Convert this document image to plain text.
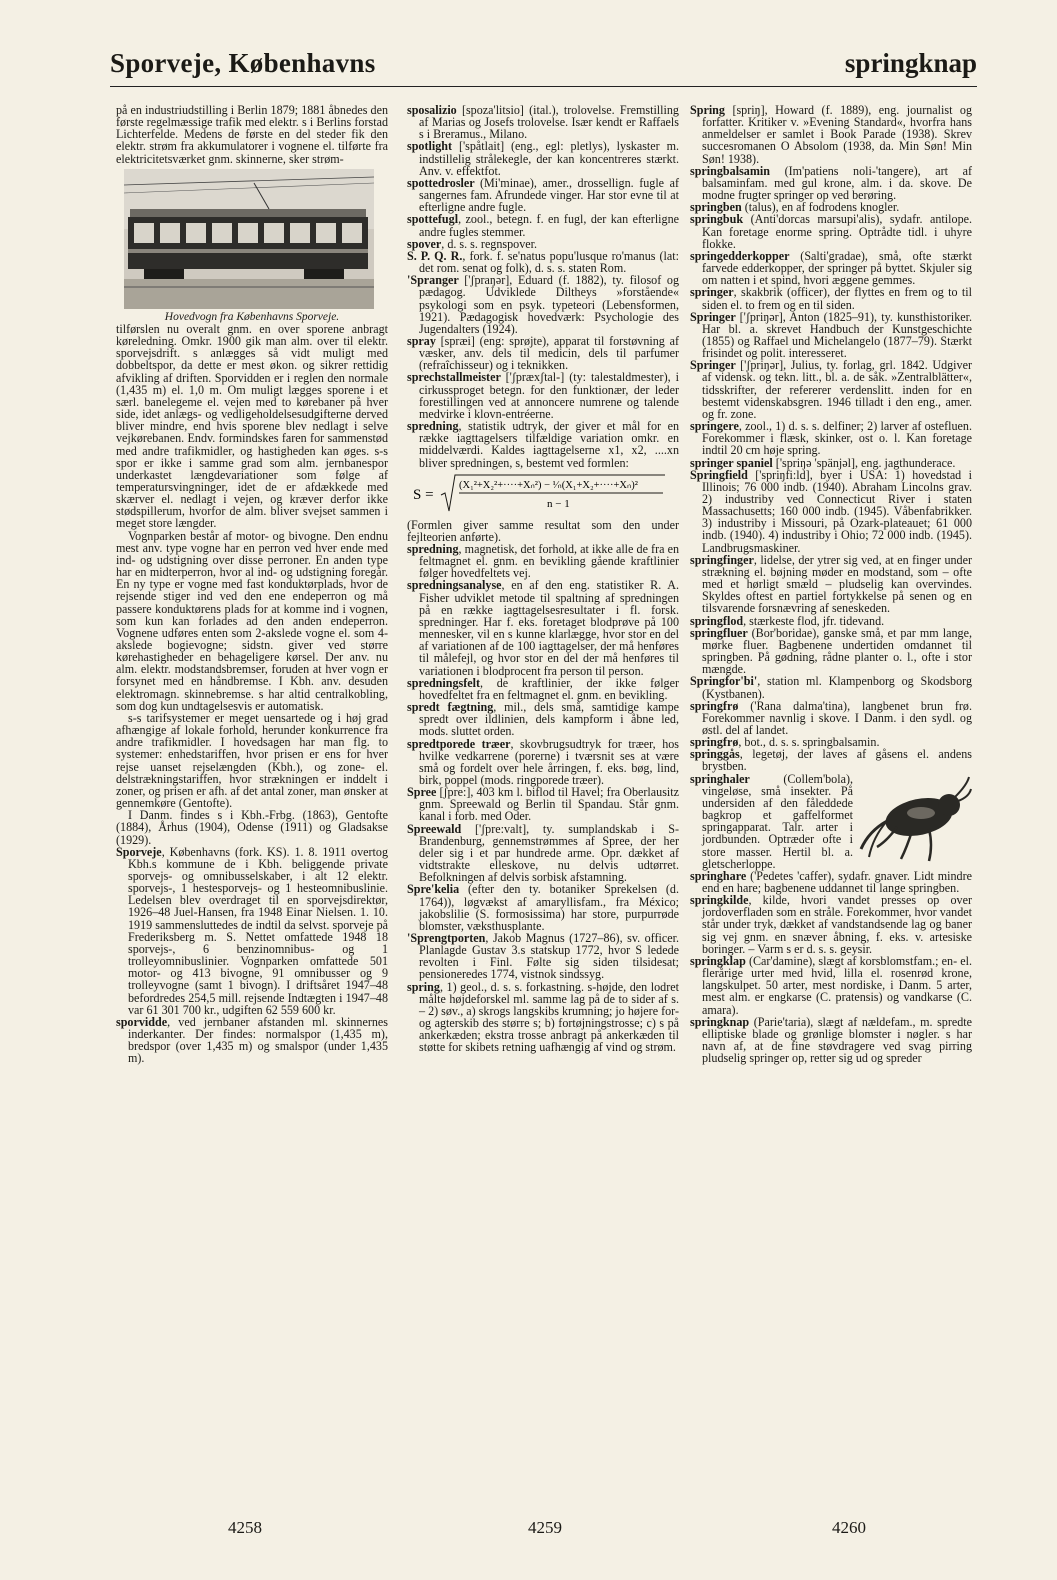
Sporveje, Københavns	springknap

på en industriudstilling i Berlin 1879; 1881 åbnedes den første regelmæssige trafik med elektr. s i Berlins forstad Lichterfelde. Medens de første en del steder fik den elektr. strøm fra akkumulatorer i vognene el. tilførte fra elektricitetsværket gnm. skinnerne, sker strøm-

Hovedvogn fra Københavns Sporveje.

tilførslen nu overalt gnm. en over sporene anbragt køreledning. Omkr. 1900 gik man alm. over til elektr. sporvejsdrift. s anlægges så vidt muligt med dobbeltspor, da dette er mest økon. og sikrer rettidig afvikling af driften. Sporvidden er i reglen den normale (1,435 m) el. 1,0 m. Om muligt lægges sporene i et særl. banelegeme el. vejen med to kørebaner på hver side, idet anlægs- og vedligeholdelsesudgifterne derved bliver mindre, end hvis sporene blev nedlagt i selve vejkørebanen. Endv. formindskes faren for sammenstød med andre trafikmidler, og hastigheden kan øges. s-s spor er ikke i samme grad som alm. jernbanespor underkastet længdevariationer som følge af temperatursvingninger, idet de er afdækkede med skærver el. nedlagt i vejen, og kræver derfor ikke stødspillerum, hvorfor de alm. bliver svejset sammen i meget store længder.

Vognparken består af motor- og bivogne. Den endnu mest anv. type vogne har en perron ved hver ende med ind- og udstigning over disse perroner. En anden type har en midterperron, hvor al ind- og udstigning foregår. En ny type er vogne med fast konduktørplads, hvor de rejsende stiger ind ved den ene endeperron og må passere konduktørens plads for at komme ind i vognen, som kun kan forlades ad den anden endeperron. Vognene udføres enten som 2-akslede vogne el. som 4-akslede bogievogne; sidstn. giver ved større kørehastigheder en behageligere kørsel. Der anv. nu alm. elektr. modstandsbremser, foruden at hver vogn er forsynet med en håndbremse. I Kbh. anv. desuden elektromagn. skinnebremse. s har altid centralkobling, som dog kun undtagelsesvis er automatisk.

s-s tarifsystemer er meget uensartede og i høj grad afhængige af lokale forhold, herunder konkurrence fra andre trafikmidler. I hovedsagen har man flg. to systemer: enhedstariffen, hvor prisen er ens for hver rejse uanset rejselængden (Kbh.), og zone- el. delstrækningstariffen, hvor strækningen er inddelt i zoner, og prisen er afh. af det antal zoner, man ønsker at gennemkøre (Gentofte).

I Danm. findes s i Kbh.-Frbg. (1863), Gentofte (1884), Århus (1904), Odense (1911) og Gladsakse (1929).

Sporveje, Københavns (fork. KS). 1. 8. 1911 overtog Kbh.s kommune de i Kbh. beliggende private sporvejs- og omnibusselskaber, i alt 12 elektr. sporvejs-, 1 hestesporvejs- og 1 hesteomnibuslinie. Ledelsen blev overdraget til en sporvejsdirektør, 1926–48 Juel-Hansen, fra 1948 Einar Nielsen. 1. 10. 1919 sammensluttedes de indtil da selvst. sporveje på Frederiksberg m. S. Nettet omfattede 1948 18 sporvejs-, 6 benzinomnibus- og 1 trolleyomnibuslinier. Vognparken omfattede 501 motor- og 413 bivogne, 91 omnibusser og 9 trolleyvogne (samt 1 bivogn). I driftsåret 1947–48 befordredes 254,5 mill. rejsende Indtægten i 1947–48 var 61 301 700 kr., udgiften 62 559 600 kr.

sporvidde, ved jernbaner afstanden ml. skinnernes inderkanter. Der findes: normalspor (1,435 m), bredspor (over 1,435 m) og smalspor (under 1,435 m).

sposalizio [spoza'litsio] (ital.), trolovelse. Fremstilling af Marias og Josefs trolovelse. Især kendt er Raffaels s i Breramus., Milano.

spotlight ['spåtlait] (eng., egl: pletlys), lyskaster m. indstillelig strålekegle, der kan koncentreres stærkt. Anv. v. effektfot.

spottedrosler (Mi'minae), amer., drossellign. fugle af sangernes fam. Afrundede vinger. Har stor evne til at efterligne andre fugle.

spottefugl, zool., betegn. f. en fugl, der kan efterligne andre fugles stemmer.

spover, d. s. s. regnspover.

S. P. Q. R., fork. f. se'natus popu'lusque ro'manus (lat: det rom. senat og folk), d. s. s. staten Rom.

'Spranger ['ʃpraŋər], Eduard (f. 1882), ty. filosof og pædagog. Udviklede Diltheys »forstående« psykologi som en psyk. typeteori (Lebensformen, 1921). Pædagogisk hovedværk: Psychologie des Jugendalters (1924).

spray [spræi] (eng: sprøjte), apparat til forstøvning af væsker, anv. dels til medicin, dels til parfumer (refraîchisseur) og i teknikken.

sprechstallmeister ['ʃpræxʃtal-] (ty: talestaldmester), i cirkussproget betegn. for den funktionær, der leder forestillingen ved at annoncere numrene og talende medvirke i klovn-entréerne.

spredning, statistik udtryk, der giver et mål for en række iagttagelsers tilfældige variation omkr. en middelværdi. Kaldes iagttagelserne x1, x2, ....xn bliver spredningen, s, bestemt ved formlen:

S =
(X₁²+X₂²+····+Xₙ²) − ¹⁄ₙ(X₁+X₂+····+Xₙ)²
n − 1

(Formlen giver samme resultat som den under fejlteorien anførte).

spredning, magnetisk, det forhold, at ikke alle de fra en feltmagnet el. gnm. en bevikling gående kraftlinier følger hovedfeltets vej.

spredningsanalyse, en af den eng. statistiker R. A. Fisher udviklet metode til spaltning af spredningen på en række iagttagelsesresultater i fl. forsk. spredninger. Har f. eks. foretaget blodprøve på 100 mennesker, vil en s kunne klarlægge, hvor stor en del af variationen af de 100 iagttagelser, der må henføres til målefejl, og hvor stor en del der må henføres til variationen i blodprocent fra person til person.

spredningsfelt, de kraftlinier, der ikke følger hovedfeltet fra en feltmagnet el. gnm. en bevikling.

spredt fægtning, mil., dels små, samtidige kampe spredt over ildlinien, dels kampform i åbne led, mods. sluttet orden.

spredtporede træer, skovbrugsudtryk for træer, hos hvilke vedkarrene (porerne) i tværsnit ses at være små og fordelt over hele årringen, f. eks. bøg, lind, birk, poppel (mods. ringporede træer).

Spree [ʃpre:], 403 km l. biflod til Havel; fra Oberlausitz gnm. Spreewald og Berlin til Spandau. Står gnm. kanal i forb. med Oder.

Spreewald ['ʃpre:valt], ty. sumplandskab i S-Brandenburg, gennemstrømmes af Spree, der her deler sig i et par hundrede arme. Opr. dækket af vidtstrakte elleskove, nu delvis udtørret. Befolkningen af delvis sorbisk afstamning.

Spre'kelia (efter den ty. botaniker Sprekelsen (d. 1764)), løgvækst af amaryllisfam., fra México; jakobslilie (S. formosissima) har store, purpurrøde blomster, væksthusplante.

'Sprengtporten, Jakob Magnus (1727–86), sv. officer. Planlagde Gustav 3.s statskup 1772, hvor S ledede revolten i Finl. Følte sig siden tilsidesat; pensioneredes 1774, vistnok sindssyg.

spring, 1) geol., d. s. s. forkastning. s-højde, den lodret målte højdeforskel ml. samme lag på de to sider af s. – 2) søv., a) skrogs langskibs krumning; jo højere for- og agterskib des større s; b) fortøjningstrosse; c) s på ankerkæden; ekstra trosse anbragt på ankerkæden til støtte for skibets retning uafhængig af vind og strøm.

Spring [spriŋ], Howard (f. 1889), eng. journalist og forfatter. Kritiker v. »Evening Standard«, hvorfra hans anmeldelser er samlet i Book Parade (1938). Skrev succesromanen O Absolom (1938, da. Min Søn! Min Søn! 1938).

springbalsamin (Im'patiens noli-'tangere), art af balsaminfam. med gul krone, alm. i da. skove. De modne frugter springer op ved berøring.

springben (talus), en af fodrodens knogler.

springbuk (Anti'dorcas marsupi'alis), sydafr. antilope. Kan foretage enorme spring. Optrådte tidl. i uhyre flokke.

springedderkopper (Salti'gradae), små, ofte stærkt farvede edderkopper, der springer på byttet. Skjuler sig om natten i et spind, hvori æggene gemmes.

springer, skakbrik (officer), der flyttes en frem og to til siden el. to frem og en til siden.

Springer ['ʃpriŋər], Anton (1825–91), ty. kunsthistoriker. Har bl. a. skrevet Handbuch der Kunstgeschichte (1855) og Raffael und Michelangelo (1877–79). Stærkt frisindet og polit. interesseret.

Springer ['ʃpriŋər], Julius, ty. forlag, grl. 1842. Udgiver af vidensk. og tekn. litt., bl. a. de såk. »Zentralblätter«, tidsskrifter, der refererer verdenslitt. inden for en bestemt videnskabsgren. 1946 tilladt i den eng., amer. og fr. zone.

springere, zool., 1) d. s. s. delfiner; 2) larver af ostefluen. Forekommer i flæsk, skinker, ost o. l. Kan foretage indtil 20 cm høje spring.

springer spaniel ['spriŋə 'spänjəl], eng. jagthunderace.

Springfield ['spriŋfi:ld], byer i USA: 1) hovedstad i Illinois; 76 000 indb. (1940). Abraham Lincolns grav. 2) industriby ved Connecticut River i staten Massachusetts; 160 000 indb. (1945). Våbenfabrikker. 3) industriby i Missouri, på Ozark-plateauet; 61 000 indb. (1940). 4) industriby i Ohio; 72 000 indb. (1945). Landbrugsmaskiner.

springfinger, lidelse, der ytrer sig ved, at en finger under strækning el. bøjning møder en modstand, som – ofte med et hørligt smæld – pludselig kan overvindes. Skyldes oftest en partiel fortykkelse på senen og en tilsvarende forsnævring af seneskeden.

springflod, stærkeste flod, jfr. tidevand.

springfluer (Bor'boridae), ganske små, et par mm lange, mørke fluer. Bagbenene undertiden omdannet til springben. På gødning, rådne planter o. l., ofte i stor mængde.

Springfor'bi', station ml. Klampenborg og Skodsborg (Kystbanen).

springfrø ('Rana dalma'tina), langbenet brun frø. Forekommer navnlig i skove. I Danm. i den sydl. og østl. del af landet.

springfrø, bot., d. s. s. springbalsamin.

springgås, legetøj, der laves af gåsens el. andens brystben.

springhaler (Collem'bola), vingeløse, små insekter. På undersiden af den fåleddede bagkrop et gaffelformet springapparat. Talr. arter i jordbunden. Optræder ofte i store masser. Hertil bl. a. gletscherloppe.

springhare ('Pedetes 'caffer), sydafr. gnaver. Lidt mindre end en hare; bagbenene uddannet til lange springben.

springkilde, kilde, hvori vandet presses op over jordoverfladen som en stråle. Forekommer, hvor vandet står under tryk, dækket af vandstandsende lag og baner sig vej gnm. en snæver åbning, f. eks. v. artesiske boringer. – Varm s er d. s. s. geysir.

springklap (Car'damine), slægt af korsblomstfam.; en- el. flerårige urter med hvid, lilla el. rosenrød krone, langskulpet. 50 arter, mest nordiske, i Danm. 5 arter, mest alm. er engkarse (C. pratensis) og vandkarse (C. amara).

springknap (Parie'taria), slægt af nældefam., m. spredte elliptiske blade og grønlige blomster i nøgler. s har navn af, at de fine støvdragere ved svag pirring pludselig springer op, retter sig ud og spreder

4258	4259	4260
